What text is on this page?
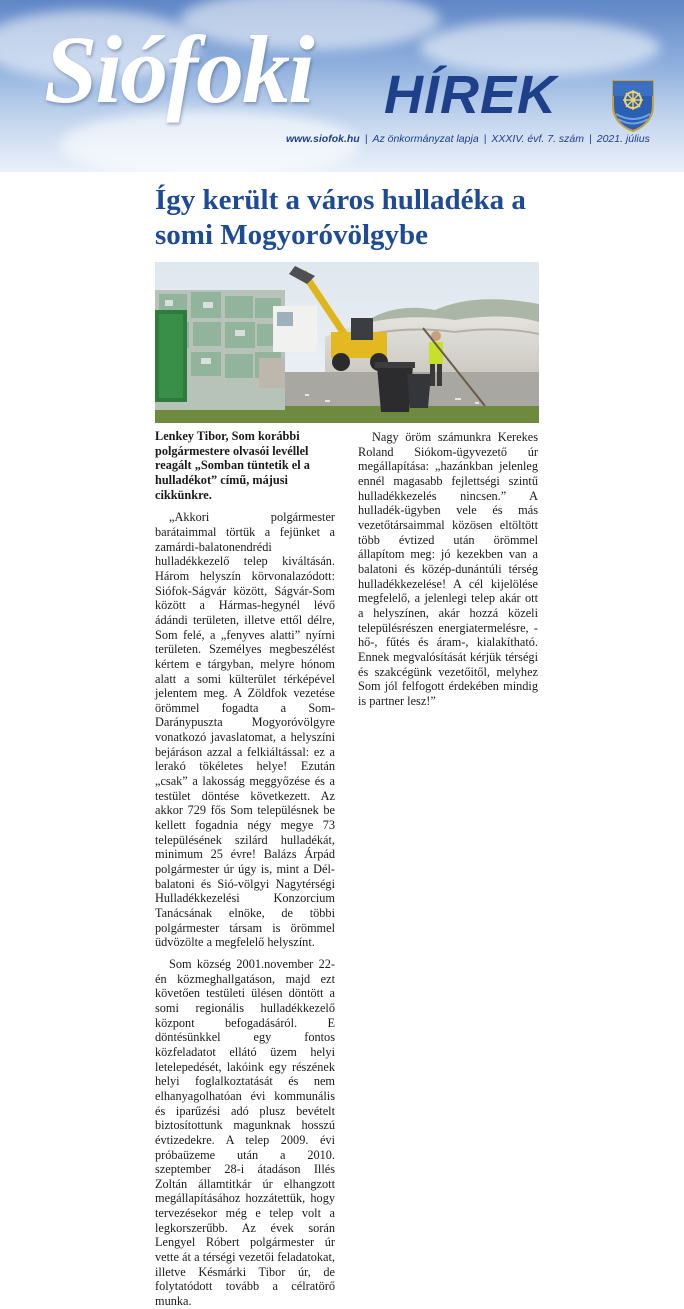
Siófoki HÍREK
www.siofok.hu | Az önkormányzat lapja | XXXIV. évf. 7. szám | 2021. július
Így került a város hulladéka a somi Mogyoróvölgybe

Lenkey Tibor, Som korábbi polgármestere olvasói levéllel reagált „Somban tüntetik el a hulladékot” című, májusi cikkünkre.

„Akkori polgármester barátaimmal törtük a fejünket a zamárdi-balatonendrédi hulladékkezelő telep kiváltásán. Három helyszín körvonalazódott: Siófok-Ságvár között, Ságvár-Som között a Hármas-hegynél lévő ádándi területen, illetve ettől délre, Som felé, a „fenyves alatti” nyírni területen. Személyes megbeszélést kértem e tárgyban, melyre hónom alatt a somi külterület térképével jelentem meg. A Zöldfok vezetése örömmel fogadta a Som-Daránypuszta Mogyoróvölgyre vonatkozó javaslatomat, a helyszíni bejáráson azzal a felkiáltással: ez a lerakó tökéletes helye! Ezután „csak” a lakosság meggyőzése és a testület döntése következett. Az akkor 729 fős Som településnek be kellett fogadnia négy megye 73 településének szilárd hulladékát, minimum 25 évre! Balázs Árpád polgármester úr úgy is, mint a Dél-balatoni és Sió-völgyi Nagytérségi Hulladékkezelési Konzorcium Tanácsának elnöke, de többi polgármester társam is örömmel üdvözölte a megfelelő helyszínt.

Som község 2001.november 22-én közmeghallgatáson, majd ezt követően testületi ülésen döntött a somi regionális hulladékkezelő központ befogadásáról. E döntésünkkel egy fontos közfeladatot ellátó üzem helyi letelepedését, lakóink egy részének helyi foglalkoztatását és nem elhanyagolhatóan évi kommunális és iparűzési adó plusz bevételt biztosítottunk magunknak hosszú évtizedekre. A telep 2009. évi próbaüzeme után a 2010. szeptember 28-i átadáson Illés Zoltán államtitkár úr elhangzott megállapításához hozzátettük, hogy tervezésekor még e telep volt a legkorszerűbb. Az évek során Lengyel Róbert polgármester úr vette át a térségi vezetői feladatokat, illetve Késmárki Tibor úr, de folytatódott tovább a célratörő munka.

Nagy öröm számunkra Kerekes Roland Siókom-ügyvezető úr megállapítása: „hazánkban jelenleg ennél magasabb fejlettségi szintű hulladékkezelés nincsen.” A hulladék-ügyben vele és más vezetőtársaimmal közösen eltöltött több évtized után örömmel állapítom meg: jó kezekben van a balatoni és közép-dunántúli térség hulladékkezelése! A cél kijelölése megfelelő, a jelenlegi telep akár ott a helyszínen, akár hozzá közeli településrészen energiatermelésre, - hő-, fűtés és áram-, kialakítható. Ennek megvalósítását kérjük térségi és szakcégünk vezetőitől, melyhez Som jól felfogott érdekében mindig is partner lesz!”
